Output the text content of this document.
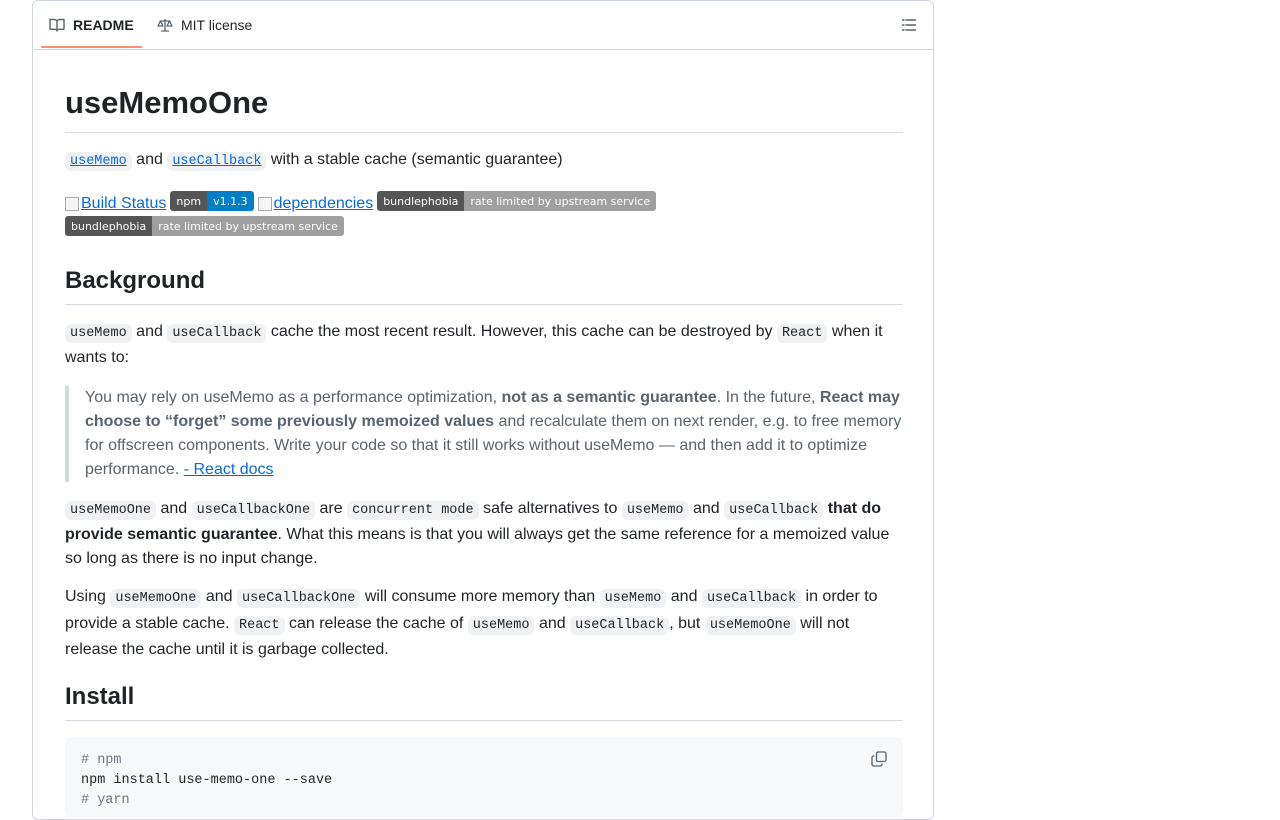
README	MIT license
useMemoOne

useMemo and useCallback with a stable cache (semantic guarantee)

Build Status npm	v1.1.3	dependencies bundlephobia	rate limited by upstream service
bundlephobia	rate limited by upstream service
Background

useMemo and useCallback cache the most recent result. However, this cache can be destroyed by React when it wants to:

You may rely on useMemo as a performance optimization, not as a semantic guarantee. In the future, React may choose to “forget” some previously memoized values and recalculate them on next render, e.g. to free memory for offscreen components. Write your code so that it still works without useMemo — and then add it to optimize performance. - React docs

useMemoOne and useCallbackOne are concurrent mode safe alternatives to useMemo and useCallback that do provide semantic guarantee. What this means is that you will always get the same reference for a memoized value so long as there is no input change.

Using useMemoOne and useCallbackOne will consume more memory than useMemo and useCallback in order to provide a stable cache. React can release the cache of useMemo and useCallback , but useMemoOne will not release the cache until it is garbage collected.

Install
# npm
npm install use-memo-one --save
# yarn
